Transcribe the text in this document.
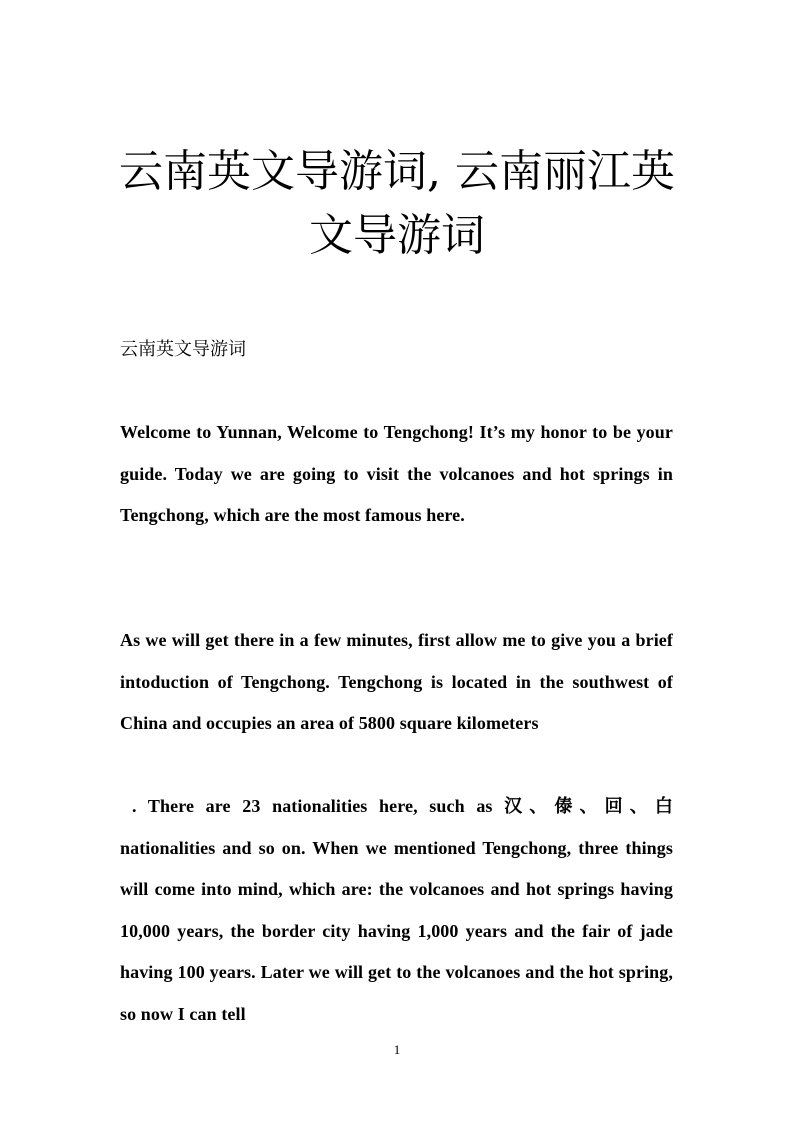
云南英文导游词, 云南丽江英文导游词

云南英文导游词

Welcome to Yunnan, Welcome to Tengchong! It’s my honor to be your guide. Today we are going to visit the volcanoes and hot springs in Tengchong, which are the most famous here.

As we will get there in a few minutes, first allow me to give you a brief intoduction of Tengchong. Tengchong is located in the southwest of China and occupies an area of 5800 square kilometers

. There are 23 nationalities here, such as 汉、傣、回、白 nationalities and so on. When we mentioned Tengchong, three things will come into mind, which are: the volcanoes and hot springs having 10,000 years, the border city having 1,000 years and the fair of jade having 100 years. Later we will get to the volcanoes and the hot spring, so now I can tell

1
